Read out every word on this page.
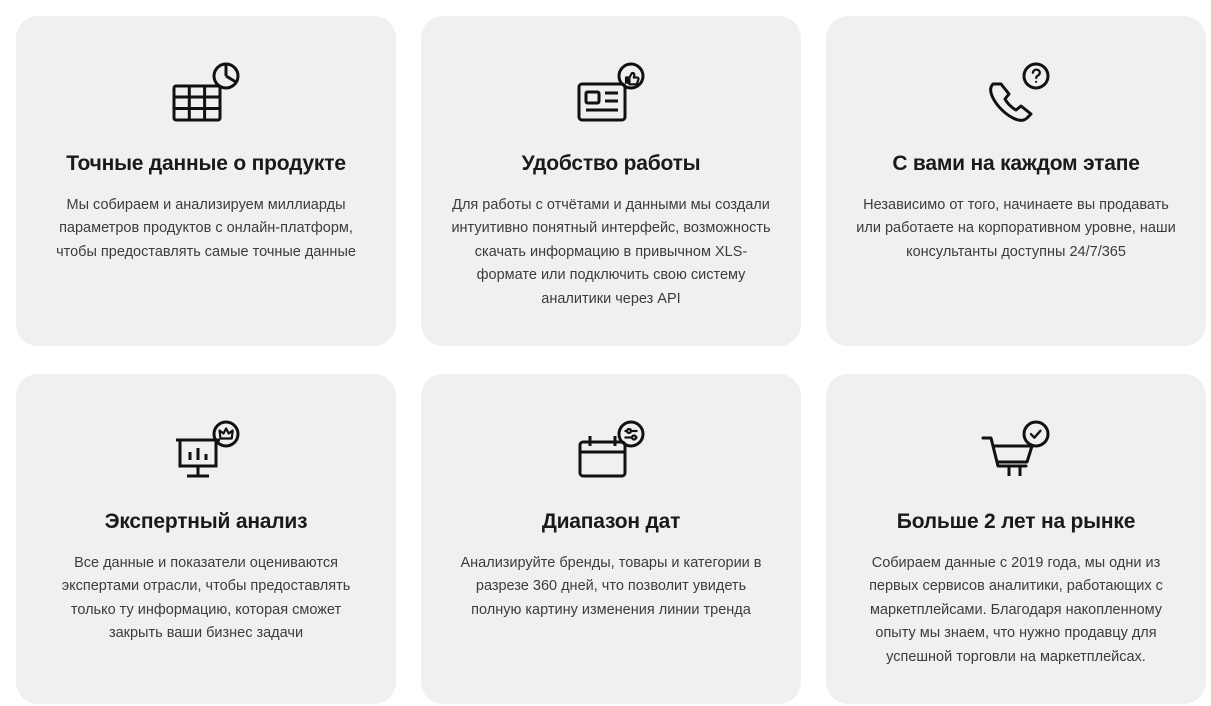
Точные данные о продукте

Мы собираем и анализируем миллиарды параметров продуктов с онлайн-платформ, чтобы предоставлять самые точные данные

Удобство работы

Для работы с отчётами и данными мы создали интуитивно понятный интерфейс, возможность скачать информацию в привычном XLS-формате или подключить свою систему аналитики через API

С вами на каждом этапе

Независимо от того, начинаете вы продавать или работаете на корпоративном уровне, наши консультанты доступны 24/7/365

Экспертный анализ

Все данные и показатели оцениваются экспертами отрасли, чтобы предоставлять только ту информацию, которая сможет закрыть ваши бизнес задачи

Диапазон дат

Анализируйте бренды, товары и категории в разрезе 360 дней, что позволит увидеть полную картину изменения линии тренда

Больше 2 лет на рынке

Собираем данные с 2019 года, мы одни из первых сервисов аналитики, работающих с маркетплейсами. Благодаря накопленному опыту мы знаем, что нужно продавцу для успешной торговли на маркетплейсах.
